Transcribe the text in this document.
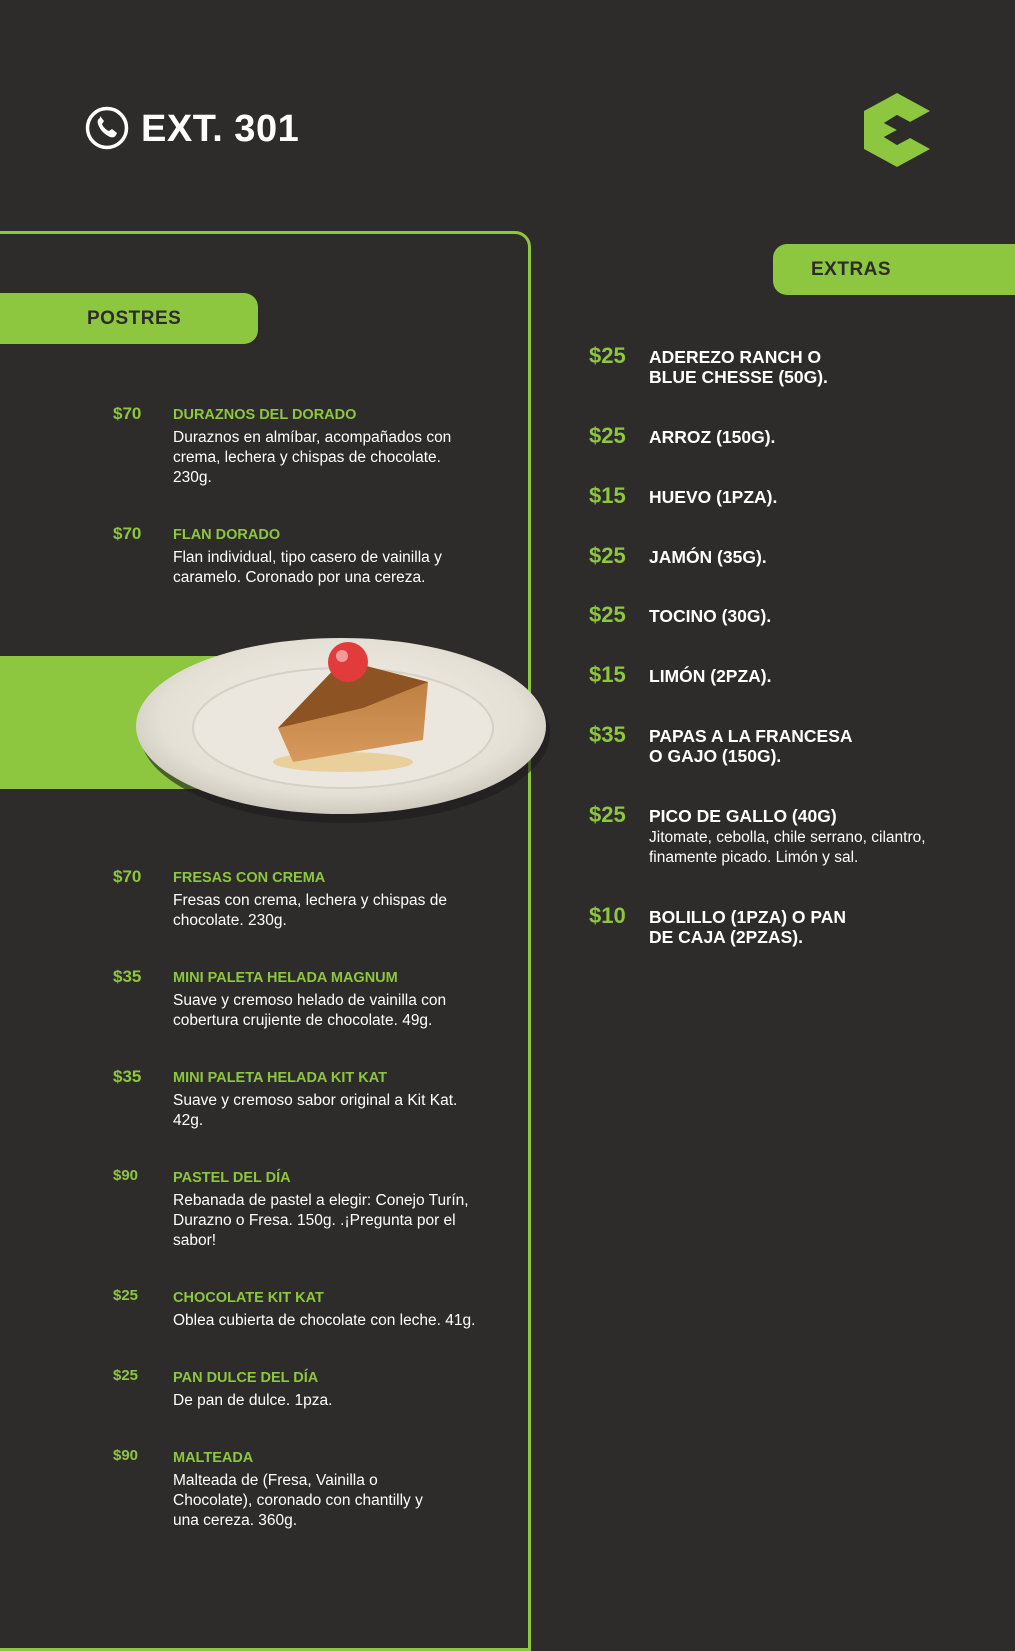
EXT. 301
POSTRES
$70 DURAZNOS DEL DORADO
Duraznos en almíbar, acompañados con crema, lechera y chispas de chocolate. 230g.
$70 FLAN DORADO
Flan individual, tipo casero de vainilla y caramelo. Coronado por una cereza.
$70 FRESAS CON CREMA
Fresas con crema, lechera y chispas de chocolate. 230g.
$35 MINI PALETA HELADA MAGNUM
Suave y cremoso helado de vainilla con cobertura crujiente de chocolate. 49g.
$35 MINI PALETA HELADA KIT KAT
Suave y cremoso sabor original a Kit Kat. 42g.
$90 PASTEL DEL DÍA
Rebanada de pastel a elegir: Conejo Turín, Durazno o Fresa. 150g. .¡Pregunta por el sabor!
$25 CHOCOLATE KIT KAT
Oblea cubierta de chocolate con leche. 41g.
$25 PAN DULCE DEL DÍA
De pan de dulce. 1pza.
$90 MALTEADA
Malteada de (Fresa, Vainilla o Chocolate), coronado con chantilly y una cereza. 360g.
EXTRAS
$25 ADEREZO RANCH O BLUE CHESSE (50G).
$25 ARROZ (150G).
$15 HUEVO (1PZA).
$25 JAMÓN (35G).
$25 TOCINO (30G).
$15 LIMÓN (2PZA).
$35 PAPAS A LA FRANCESA O GAJO (150G).
$25 PICO DE GALLO (40G)
Jitomate, cebolla, chile serrano, cilantro, finamente picado. Limón y sal.
$10 BOLILLO (1PZA) O PAN DE CAJA (2PZAS).
